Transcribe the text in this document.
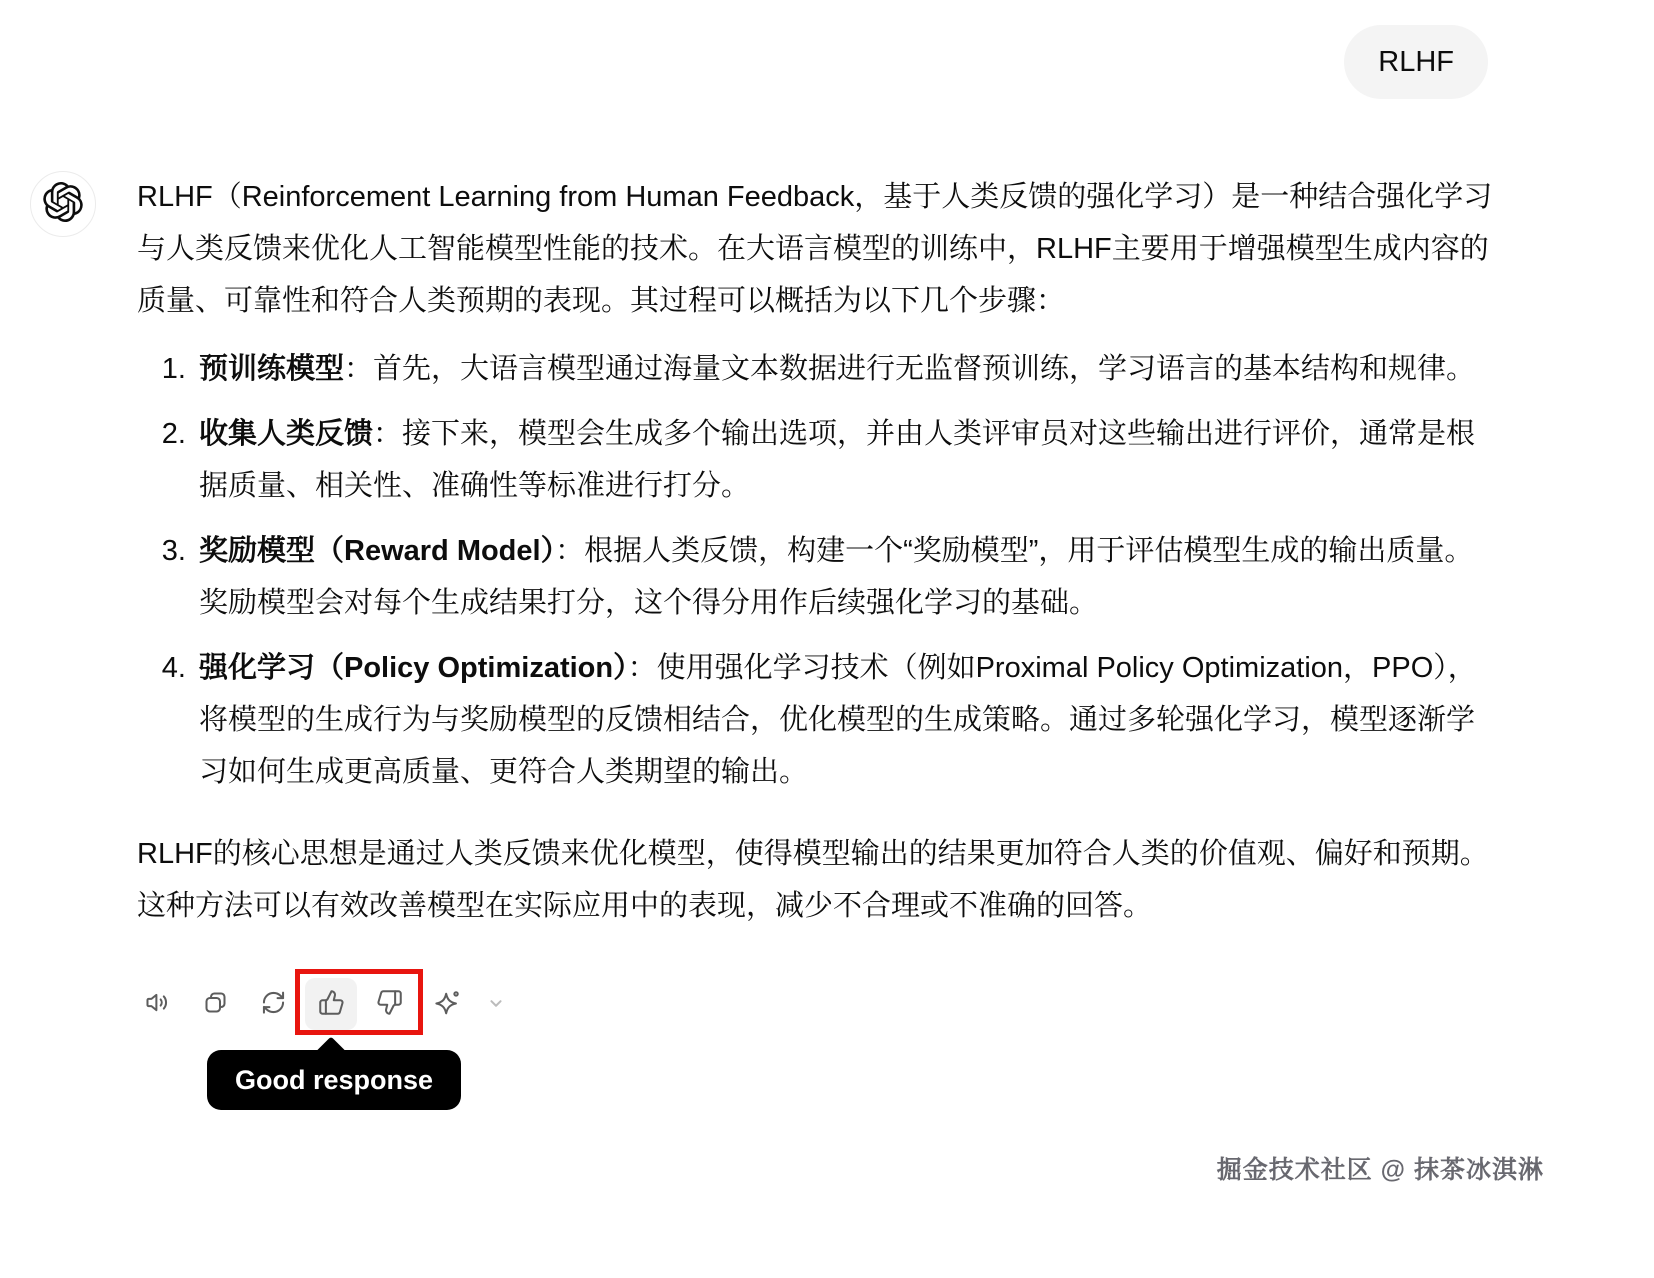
RLHF

RLHF（Reinforcement Learning from Human Feedback，基于人类反馈的强化学习）是一种结合强化学习与人类反馈来优化人工智能模型性能的技术。在大语言模型的训练中，RLHF主要用于增强模型生成内容的质量、可靠性和符合人类预期的表现。其过程可以概括为以下几个步骤：

1. 预训练模型：首先，大语言模型通过海量文本数据进行无监督预训练，学习语言的基本结构和规律。
2. 收集人类反馈：接下来，模型会生成多个输出选项，并由人类评审员对这些输出进行评价，通常是根据质量、相关性、准确性等标准进行打分。
3. 奖励模型（Reward Model）：根据人类反馈，构建一个“奖励模型”，用于评估模型生成的输出质量。奖励模型会对每个生成结果打分，这个得分用作后续强化学习的基础。
4. 强化学习（Policy Optimization）：使用强化学习技术（例如Proximal Policy Optimization，PPO），将模型的生成行为与奖励模型的反馈相结合，优化模型的生成策略。通过多轮强化学习，模型逐渐学习如何生成更高质量、更符合人类期望的输出。

RLHF的核心思想是通过人类反馈来优化模型，使得模型输出的结果更加符合人类的价值观、偏好和预期。这种方法可以有效改善模型在实际应用中的表现，减少不合理或不准确的回答。

Good response
掘金技术社区 @ 抹茶冰淇淋
